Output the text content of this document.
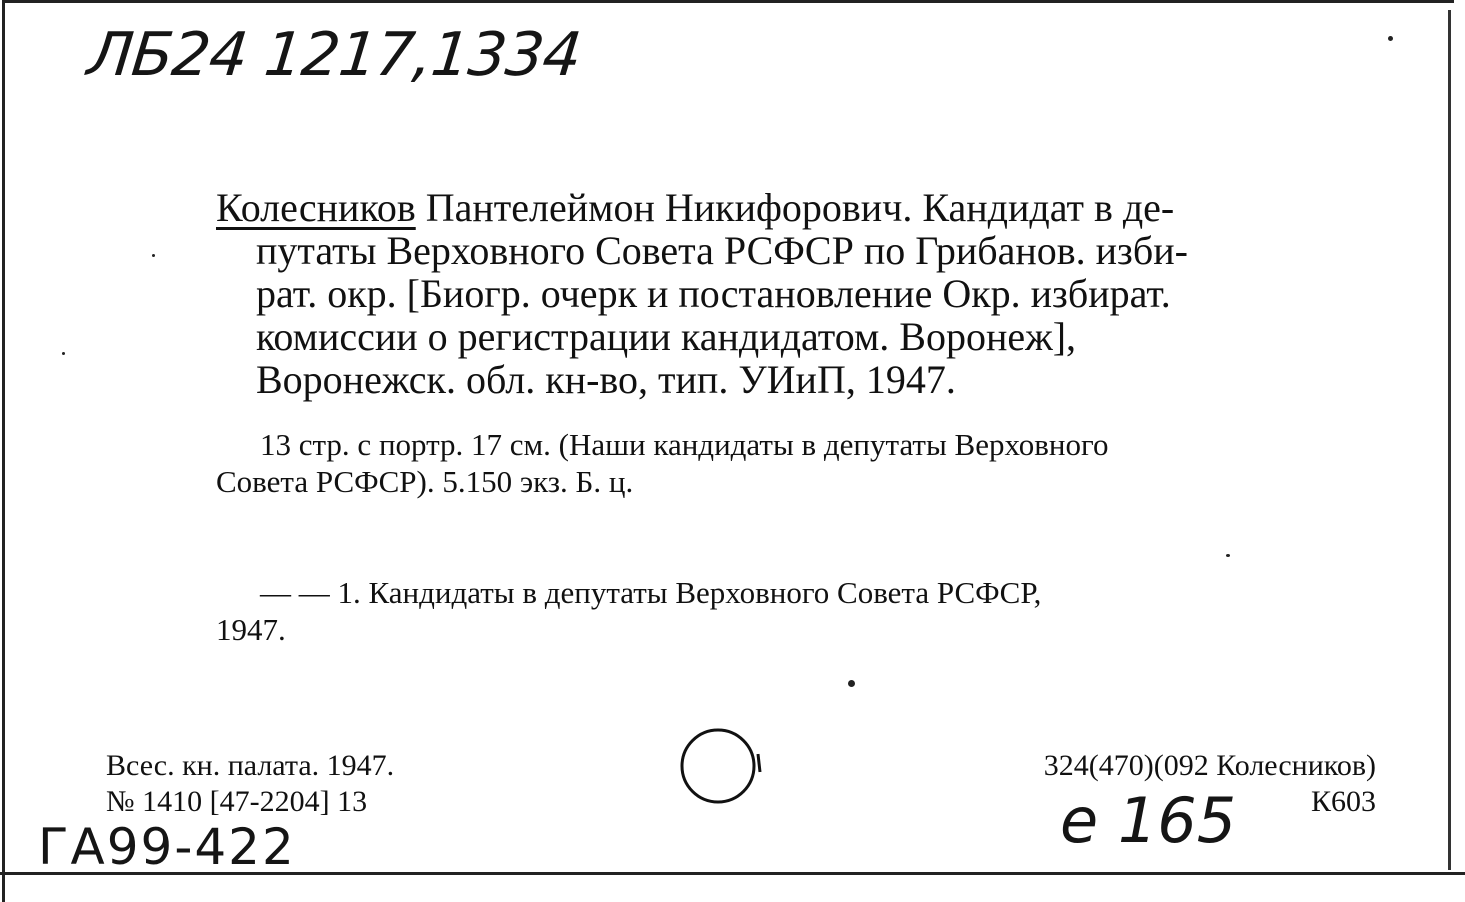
ЛБ24 1217,1334
Колесников Пантелеймон Никифорович. Кандидат в де-
путаты Верховного Совета РСФСР по Грибанов. изби-
рат. окр. [Биогр. очерк и постановление Окр. избират.
комиссии о регистрации кандидатом. Воронеж],
Воронежск. обл. кн-во, тип. УИиП, 1947.
13 стр. с портр. 17 см. (Наши кандидаты в депутаты Верховного
Совета РСФСР). 5.150 экз. Б. ц.
— — 1. Кандидаты в депутаты Верховного Совета РСФСР,
1947.
Всес. кн. палата. 1947.
№ 1410 [47-2204] 13
324(470)(092 Колесников)
К603
е 165
ГА99-422
